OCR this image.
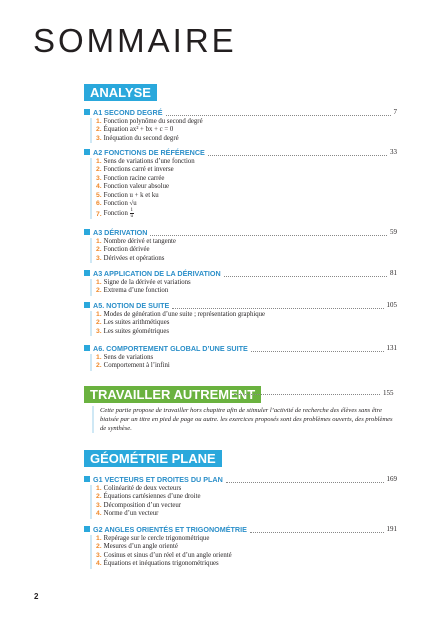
SOMMAIRE
ANALYSE
A1 SECOND DEGRÉ	7
1. Fonction polynôme du second degré
2. Équation ax² + bx + c = 0
3. Inéquation du second degré
A2 FONCTIONS DE RÉFÉRENCE	33
1. Sens de variations d’une fonction
2. Fonctions carré et inverse
3. Fonction racine carrée
4. Fonction valeur absolue
5. Fonction u + k et ku
6. Fonction √u
7. Fonction $\frac{1}{u}$
A3 DÉRIVATION	59
1. Nombre dérivé et tangente
2. Fonction dérivée
3. Dérivées et opérations
A3 APPLICATION DE LA DÉRIVATION	81
1. Signe de la dérivée et variations
2. Extrema d’une fonction
A5. NOTION DE SUITE	105
1. Modes de génération d’une suite ; représentation graphique
2. Les suites arithmétiques
3. Les suites géométriques
A6. COMPORTEMENT GLOBAL D’UNE SUITE	131
1. Sens de variations
2. Comportement à l’infini
TRAVAILLER AUTREMENT	155
Cette partie propose de travailler hors chapitre afin de stimuler l’activité de recherche des élèves sans être biaisée par un titre en pied de page ou autre. les exercices proposés sont des problèmes ouverts, des problèmes de synthèse.
GÉOMÉTRIE PLANE
G1 VECTEURS ET DROITES DU PLAN	169
1. Colinéarité de deux vecteurs
2. Équations cartésiennes d’une droite
3. Décomposition d’un vecteur
4. Norme d’un vecteur
G2 ANGLES ORIENTÉS ET TRIGONOMÉTRIE	191
1. Repérage sur le cercle trigonométrique
2. Mesures d’un angle orienté
3. Cosinus et sinus d’un réel et d’un angle orienté
4. Équations et inéquations trigonométriques
2
